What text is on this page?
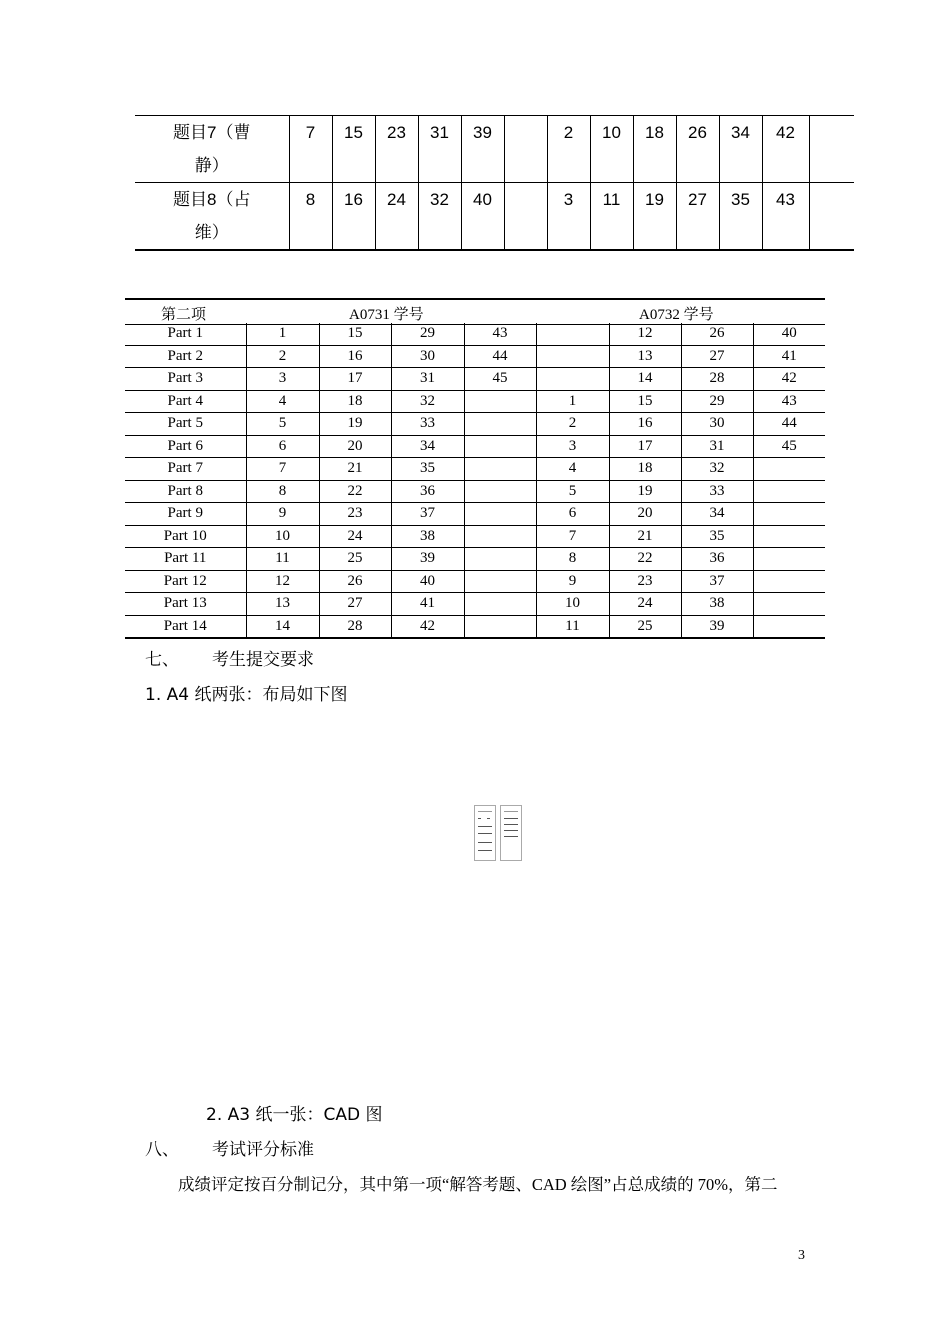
题目7（曹
静）	7	15	23	31	39		2	10	18	26	34	42		

题目8（占
维）	8	16	24	32	40		3	11	19	27	35	43		
第二项	A0731 学号	A0732 学号
Part 1	1	15	29	43		12	26	40
Part 2	2	16	30	44		13	27	41
Part 3	3	17	31	45		14	28	42
Part 4	4	18	32		1	15	29	43
Part 5	5	19	33		2	16	30	44
Part 6	6	20	34		3	17	31	45
Part 7	7	21	35		4	18	32	
Part 8	8	22	36		5	19	33	
Part 9	9	23	37		6	20	34	
Part 10	10	24	38		7	21	35	
Part 11	11	25	39		8	22	36	
Part 12	12	26	40		9	23	37	
Part 13	13	27	41		10	24	38	
Part 14	14	28	42		11	25	39	
七、 考生提交要求
1. A4 纸两张：布局如下图
2. A3 纸一张：CAD 图
八、 考试评分标准
成绩评定按百分制记分，其中第一项“解答考题、CAD 绘图”占总成绩的 70%，第二
3
